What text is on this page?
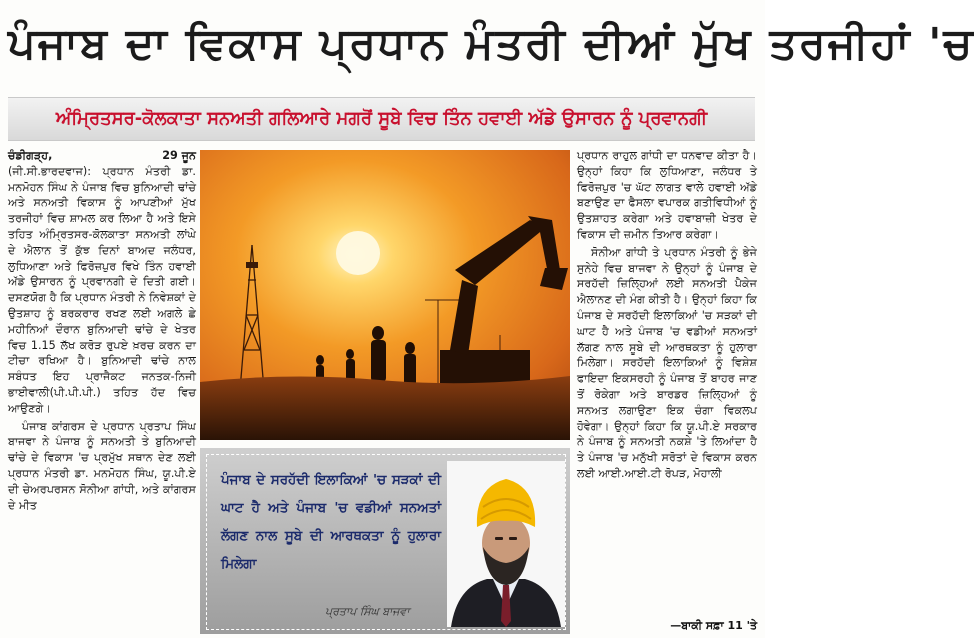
ਪੰਜਾਬ ਦਾ ਵਿਕਾਸ ਪ੍ਰਧਾਨ ਮੰਤਰੀ ਦੀਆਂ ਮੁੱਖ ਤਰਜੀਹਾਂ 'ਚ
ਅੰਮ੍ਰਿਤਸਰ-ਕੋਲਕਾਤਾ ਸਨਅਤੀ ਗਲਿਆਰੇ ਮਗਰੋਂ ਸੂਬੇ ਵਿਚ ਤਿੰਨ ਹਵਾਈ ਅੱਡੇ ਉਸਾਰਨ ਨੂੰ ਪ੍ਰਵਾਨਗੀ
ਚੰਡੀਗੜ੍ਹ,	29 ਜੂਨ

(ਜੀ.ਸੀ.ਭਾਰਦਵਾਜ): ਪ੍ਰਧਾਨ ਮੰਤਰੀ ਡਾ. ਮਨਮੋਹਨ ਸਿੰਘ ਨੇ ਪੰਜਾਬ ਵਿਚ ਬੁਨਿਆਦੀ ਢਾਂਚੇ ਅਤੇ ਸਨਅਤੀ ਵਿਕਾਸ ਨੂੰ ਆਪਣੀਆਂ ਮੁੱਖ ਤਰਜੀਹਾਂ ਵਿਚ ਸ਼ਾਮਲ ਕਰ ਲਿਆ ਹੈ ਅਤੇ ਇਸੇ ਤਹਿਤ ਅੰਮ੍ਰਿਤਸਰ-ਕੋਲਕਾਤਾ ਸਨਅਤੀ ਲਾਂਘੇ ਦੇ ਐਲਾਨ ਤੋਂ ਕੁੱਝ ਦਿਨਾਂ ਬਾਅਦ ਜਲੰਧਰ, ਲੁਧਿਆਣਾ ਅਤੇ ਫਿਰੋਜ਼ਪੁਰ ਵਿਖੇ ਤਿੰਨ ਹਵਾਈ ਅੱਡੇ ਉਸਾਰਨ ਨੂੰ ਪ੍ਰਵਾਨਗੀ ਦੇ ਦਿਤੀ ਗਈ। ਦਸਣਯੋਗ ਹੈ ਕਿ ਪ੍ਰਧਾਨ ਮੰਤਰੀ ਨੇ ਨਿਵੇਸ਼ਕਾਂ ਦੇ ਉਤਸ਼ਾਹ ਨੂੰ ਬਰਕਰਾਰ ਰਖਣ ਲਈ ਅਗਲੇ ਛੇ ਮਹੀਨਿਆਂ ਦੌਰਾਨ ਬੁਨਿਆਦੀ ਢਾਂਚੇ ਦੇ ਖੇਤਰ ਵਿਚ 1.15 ਲੱਖ ਕਰੋੜ ਰੁਪਏ ਖ਼ਰਚ ਕਰਨ ਦਾ ਟੀਚਾ ਰਖਿਆ ਹੈ। ਬੁਨਿਆਦੀ ਢਾਂਚੇ ਨਾਲ ਸਬੰਧਤ ਇਹ ਪ੍ਰਾਜੈਕਟ ਜਨਤਕ-ਨਿਜੀ ਭਾਈਵਾਲੀ(ਪੀ.ਪੀ.ਪੀ.) ਤਹਿਤ ਹੱਦ ਵਿਚ ਆਉਣਗੇ।

ਪੰਜਾਬ ਕਾਂਗਰਸ ਦੇ ਪ੍ਰਧਾਨ ਪ੍ਰਤਾਪ ਸਿੰਘ ਬਾਜਵਾ ਨੇ ਪੰਜਾਬ ਨੂੰ ਸਨਅਤੀ ਤੇ ਬੁਨਿਆਦੀ ਢਾਂਚੇ ਦੇ ਵਿਕਾਸ 'ਚ ਪ੍ਰਮੁੱਖ ਸਥਾਨ ਦੇਣ ਲਈ ਪ੍ਰਧਾਨ ਮੰਤਰੀ ਡਾ. ਮਨਮੋਹਨ ਸਿੰਘ, ਯੂ.ਪੀ.ਏ ਦੀ ਚੇਅਰਪਰਸਨ ਸੋਨੀਆ ਗਾਂਧੀ, ਅਤੇ ਕਾਂਗਰਸ ਦੇ ਮੀਤ

ਪੰਜਾਬ ਦੇ ਸਰਹੱਦੀ ਇਲਾਕਿਆਂ 'ਚ ਸੜਕਾਂ ਦੀ ਘਾਟ ਹੈ ਅਤੇ ਪੰਜਾਬ 'ਚ ਵਡੀਆਂ ਸਨਅਤਾਂ ਲੱਗਣ ਨਾਲ ਸੂਬੇ ਦੀ ਆਰਥਕਤਾ ਨੂੰ ਹੁਲਾਰਾ ਮਿਲੇਗਾ
ਪ੍ਰਤਾਪ ਸਿੰਘ ਬਾਜਵਾ

ਪ੍ਰਧਾਨ ਰਾਹੁਲ ਗਾਂਧੀ ਦਾ ਧਨਵਾਦ ਕੀਤਾ ਹੈ। ਉਨ੍ਹਾਂ ਕਿਹਾ ਕਿ ਲੁਧਿਆਣਾ, ਜਲੰਧਰ ਤੇ ਫਿਰੋਜ਼ਪੁਰ 'ਚ ਘੱਟ ਲਾਗਤ ਵਾਲੇ ਹਵਾਈ ਅੱਡੇ ਬਣਾਉਣ ਦਾ ਫੈਸਲਾ ਵਪਾਰਕ ਗਤੀਵਿਧੀਆਂ ਨੂੰ ਉਤਸ਼ਾਹਤ ਕਰੇਗਾ ਅਤੇ ਹਵਾਬਾਜ਼ੀ ਖੇਤਰ ਦੇ ਵਿਕਾਸ ਦੀ ਜ਼ਮੀਨ ਤਿਆਰ ਕਰੇਗਾ।

ਸੋਨੀਆ ਗਾਂਧੀ ਤੇ ਪ੍ਰਧਾਨ ਮੰਤਰੀ ਨੂੰ ਭੇਜੇ ਸੁਨੇਹੇ ਵਿਚ ਬਾਜਵਾ ਨੇ ਉਨ੍ਹਾਂ ਨੂੰ ਪੰਜਾਬ ਦੇ ਸਰਹੱਦੀ ਜ਼ਿਲ੍ਹਿਆਂ ਲਈ ਸਨਅਤੀ ਪੈਕੇਜ ਐਲਾਨਣ ਦੀ ਮੰਗ ਕੀਤੀ ਹੈ। ਉਨ੍ਹਾਂ ਕਿਹਾ ਕਿ ਪੰਜਾਬ ਦੇ ਸਰਹੱਦੀ ਇਲਾਕਿਆਂ 'ਚ ਸੜਕਾਂ ਦੀ ਘਾਟ ਹੈ ਅਤੇ ਪੰਜਾਬ 'ਚ ਵਡੀਆਂ ਸਨਅਤਾਂ ਲੱਗਣ ਨਾਲ ਸੂਬੇ ਦੀ ਆਰਥਕਤਾ ਨੂੰ ਹੁਲਾਰਾ ਮਿਲੇਗਾ। ਸਰਹੱਦੀ ਇਲਾਕਿਆਂ ਨੂੰ ਵਿਸ਼ੇਸ਼ ਫਾਇਦਾ ਇਕਸਰਹੀ ਨੂੰ ਪੰਜਾਬ ਤੋਂ ਬਾਹਰ ਜਾਣ ਤੋਂ ਰੋਕੇਗਾ ਅਤੇ ਬਾਰਡਰ ਜ਼ਿਲ੍ਹਿਆਂ ਨੂੰ ਸਨਅਤ ਲਗਾਉਣਾ ਇਕ ਚੰਗਾ ਵਿਕਲਪ ਹੋਵੇਗਾ। ਉਨ੍ਹਾਂ ਕਿਹਾ ਕਿ ਯੂ.ਪੀ.ਏ ਸਰਕਾਰ ਨੇ ਪੰਜਾਬ ਨੂੰ ਸਨਅਤੀ ਨਕਸ਼ੇ 'ਤੇ ਲਿਆਂਦਾ ਹੈ ਤੇ ਪੰਜਾਬ 'ਚ ਮਨੁੱਖੀ ਸਰੋਤਾਂ ਦੇ ਵਿਕਾਸ ਕਰਨ ਲਈ ਆਈ.ਆਈ.ਟੀ ਰੋਪੜ, ਮੋਹਾਲੀ

—ਬਾਕੀ ਸਫ਼ਾ 11 'ਤੇ
